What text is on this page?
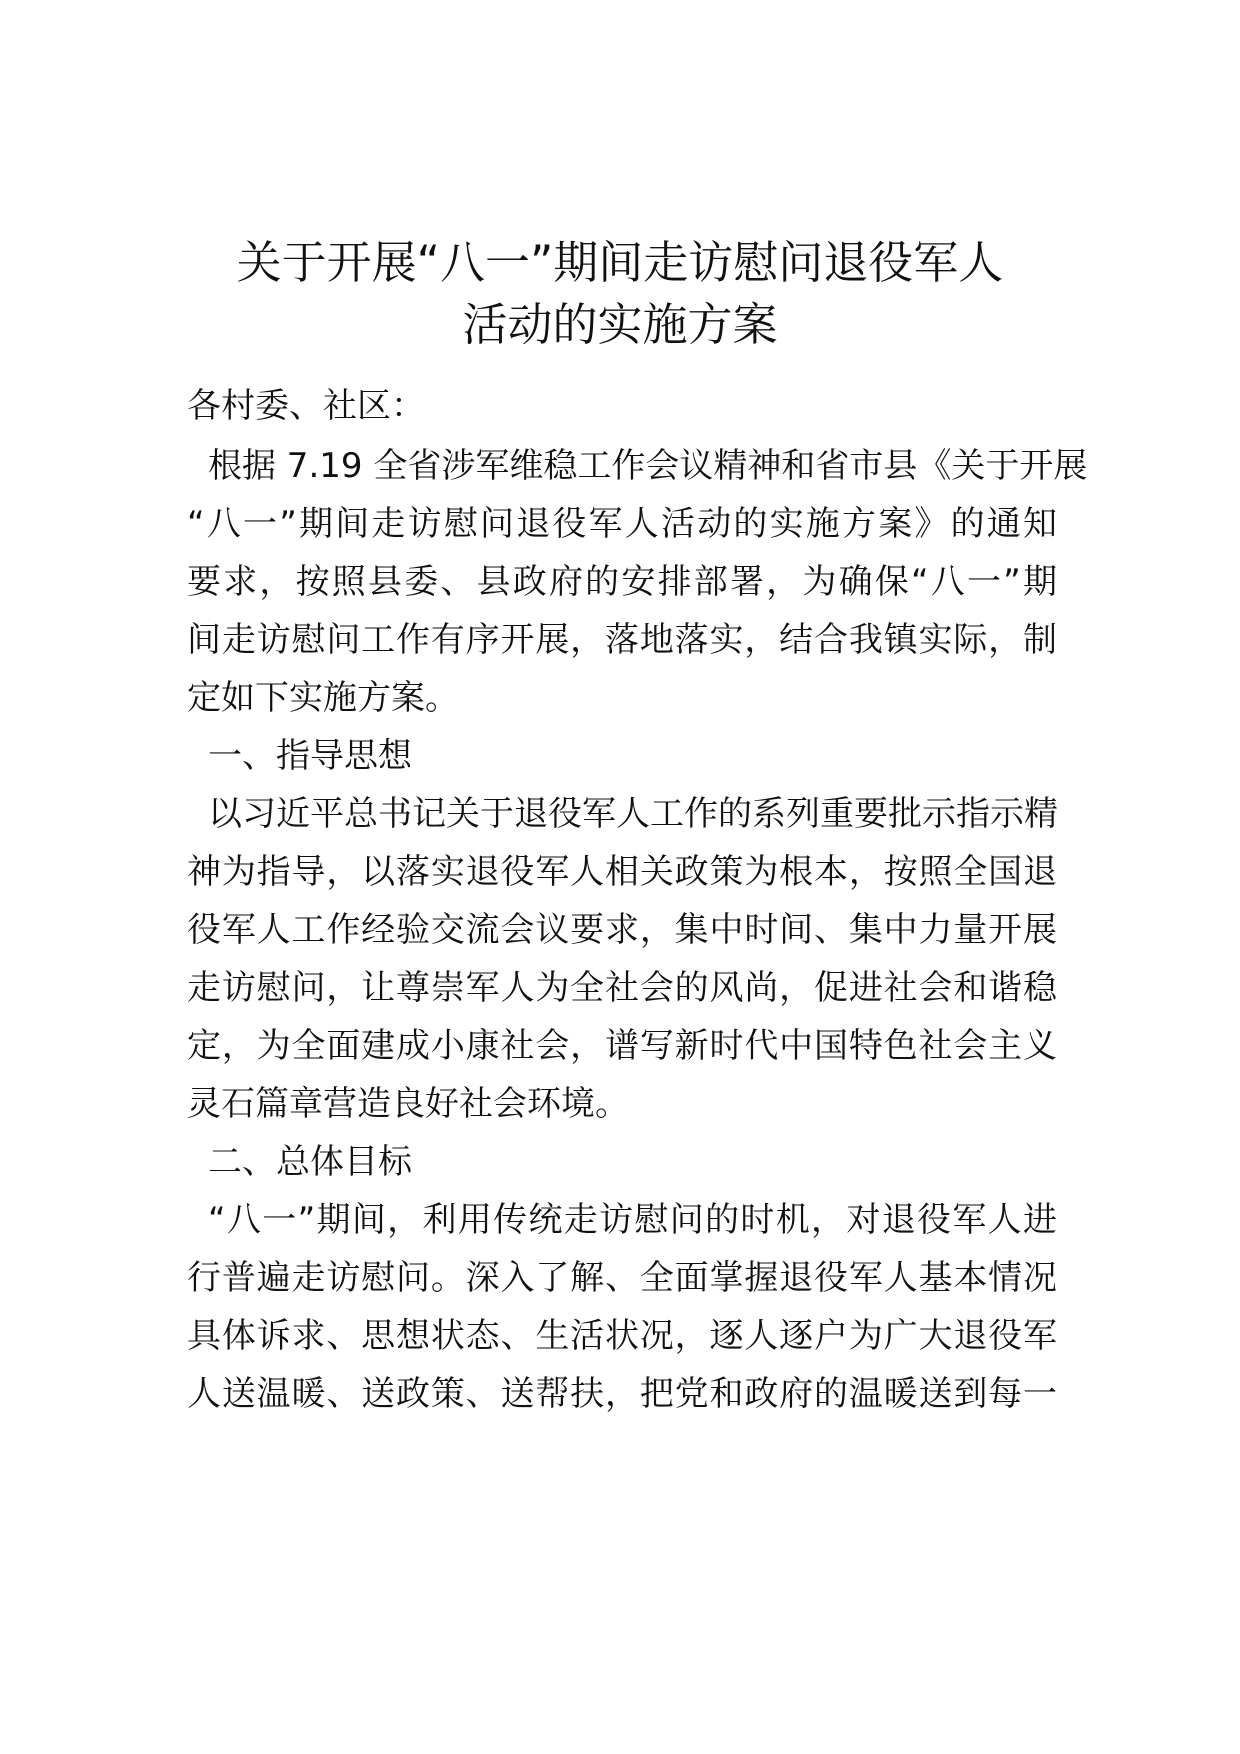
关于开展“八一”期间走访慰问退役军人
活动的实施方案

各村委、社区：

根据 7.19 全省涉军维稳工作会议精神和省市县《关于开展

“八一”期间走访慰问退役军人活动的实施方案》的通知

要求，按照县委、县政府的安排部署，为确保“八一”期

间走访慰问工作有序开展，落地落实，结合我镇实际，制

定如下实施方案。

一、指导思想

以习近平总书记关于退役军人工作的系列重要批示指示精

神为指导，以落实退役军人相关政策为根本，按照全国退

役军人工作经验交流会议要求，集中时间、集中力量开展

走访慰问，让尊崇军人为全社会的风尚，促进社会和谐稳

定，为全面建成小康社会，谱写新时代中国特色社会主义

灵石篇章营造良好社会环境。

二、总体目标

“八一”期间，利用传统走访慰问的时机，对退役军人进

行普遍走访慰问。深入了解、全面掌握退役军人基本情况

具体诉求、思想状态、生活状况，逐人逐户为广大退役军

人送温暖、送政策、送帮扶，把党和政府的温暖送到每一
